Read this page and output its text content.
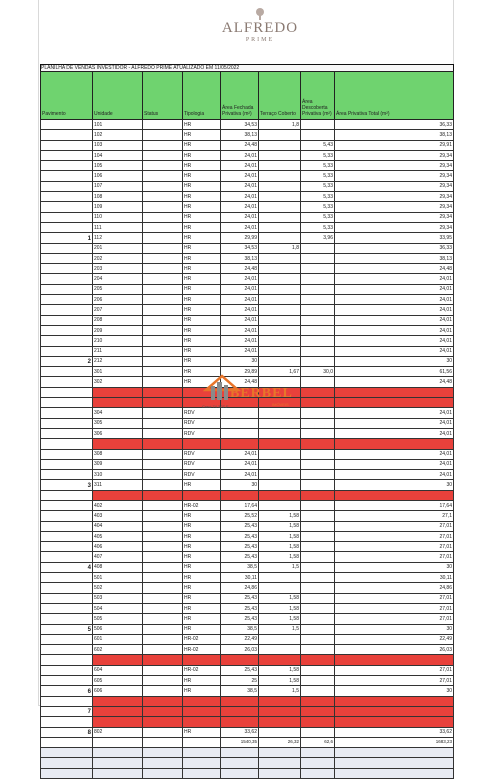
ALFREDO
PRIME
PLANILHA DE VENDAS INVESTIDOR - ALFREDO PRIME ATUALIZADO EM 11/05/2022
Pavimento	Unidade	Status	Tipologia	Área Fechada Privativa (m²)	Terraço Coberto	Área Descoberta Privativa (m²)	Área Privativa Total (m²)
	101		HR	34,53	1,8		36,33
	102		HR	38,13			38,13
	103		HR	24,48		5,43	29,91
	104		HR	24,01		5,33	29,34
	105		HR	24,01		5,33	29,34
	106		HR	24,01		5,33	29,34
	107		HR	24,01		5,33	29,34
	108		HR	24,01		5,33	29,34
	109		HR	24,01		5,33	29,34
	110		HR	24,01		5,33	29,34
	111		HR	24,01		5,33	29,34
1	112		HR	29,99		3,96	33,95
	201		HR	34,53	1,8		36,33
	202		HR	38,13			38,13
	203		HR	24,48			24,48
	204		HR	24,01			24,01
	205		HR	24,01			24,01
	206		HR	24,01			24,01
	207		HR	24,01			24,01
	208		HR	24,01			24,01
	209		HR	24,01			24,01
	210		HR	24,01			24,01
	211		HR	24,01			24,01
2	212		HR	30			30
	301		HR	29,89	1,67	30,0	61,56
	302		HR	24,48			24,48

	304		RDV				24,01
	305		RDV				24,01
	306		RDV				24,01

	308		RDV	24,01			24,01
	309		RDV	24,01			24,01
	310		RDV	24,01			24,01
3	311		HR	30			30

	402		HR-02	17,64			17,64
	403		HR	25,52	1,58		27,1
	404		HR	25,43	1,58		27,01
	405		HR	25,43	1,58		27,01
	406		HR	25,43	1,58		27,01
	407		HR	25,43	1,58		27,01
4	408		HR	38,5	1,5		30
	501		HR	30,11			30,11
	502		HR	24,86			24,86
	503		HR	25,43	1,58		27,01
	504		HR	25,43	1,58		27,01
	505		HR	25,43	1,58		27,01
5	506		HR	38,5	1,5		30
	601		HR-02	22,49			22,49
	602		HR-02	26,03			26,03

	604		HR-02	25,43	1,58		27,01
	605		HR	25	1,58		27,01
6	606		HR	38,5	1,5		30

7							

8	802		HR	33,62			33,62
				1540,35	26,32	62,6	1683,23

BERBEL
IMÓVEIS
Creci 74.307-F
